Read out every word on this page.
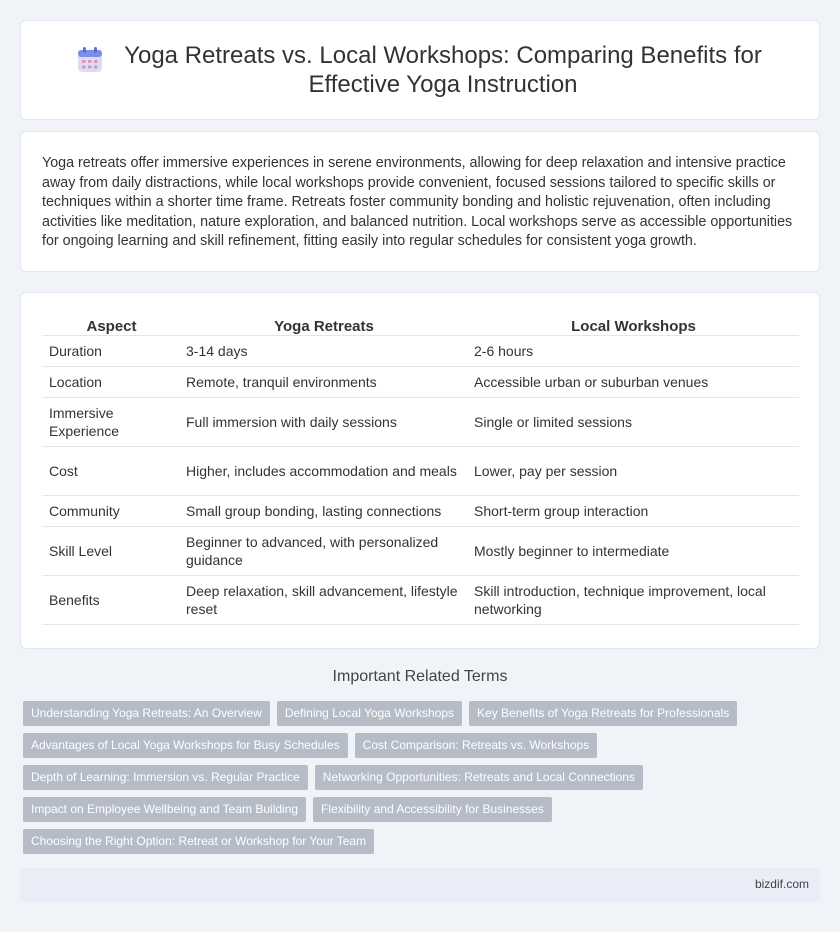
Yoga Retreats vs. Local Workshops: Comparing Benefits for Effective Yoga Instruction

Yoga retreats offer immersive experiences in serene environments, allowing for deep relaxation and intensive practice away from daily distractions, while local workshops provide convenient, focused sessions tailored to specific skills or techniques within a shorter time frame. Retreats foster community bonding and holistic rejuvenation, often including activities like meditation, nature exploration, and balanced nutrition. Local workshops serve as accessible opportunities for ongoing learning and skill refinement, fitting easily into regular schedules for consistent yoga growth.

Aspect	Yoga Retreats	Local Workshops
Duration	3-14 days	2-6 hours
Location	Remote, tranquil environments	Accessible urban or suburban venues
Immersive Experience	Full immersion with daily sessions	Single or limited sessions
Cost	Higher, includes accommodation and meals	Lower, pay per session
Community	Small group bonding, lasting connections	Short-term group interaction
Skill Level	Beginner to advanced, with personalized guidance	Mostly beginner to intermediate
Benefits	Deep relaxation, skill advancement, lifestyle reset	Skill introduction, technique improvement, local networking
Important Related Terms
Understanding Yoga Retreats: An Overview	Defining Local Yoga Workshops	Key Benefits of Yoga Retreats for Professionals
Advantages of Local Yoga Workshops for Busy Schedules	Cost Comparison: Retreats vs. Workshops
Depth of Learning: Immersion vs. Regular Practice	Networking Opportunities: Retreats and Local Connections
Impact on Employee Wellbeing and Team Building	Flexibility and Accessibility for Businesses
Choosing the Right Option: Retreat or Workshop for Your Team
bizdif.com
